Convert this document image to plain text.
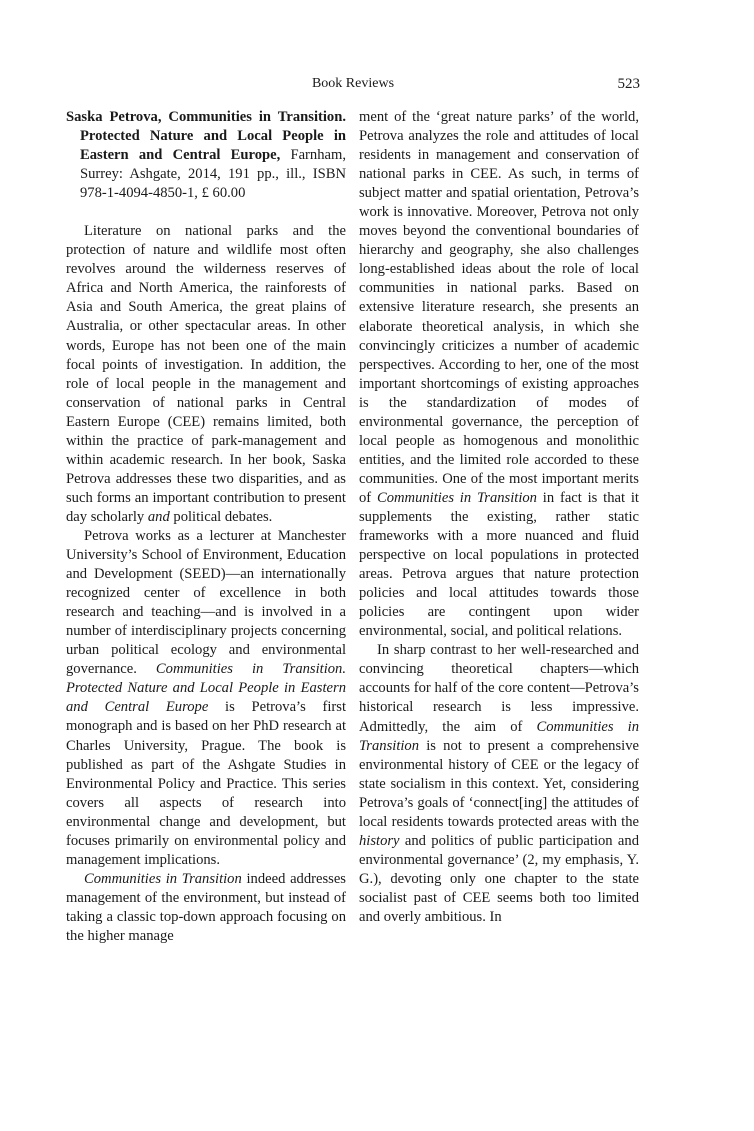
Book Reviews	523

Saska Petrova, Communities in Transition. Protected Nature and Local People in Eastern and Central Europe, Farnham, Surrey: Ashgate, 2014, 191 pp., ill., ISBN 978-1-4094-4850-1, £ 60.00

Literature on national parks and the protection of nature and wildlife most often revolves around the wilderness reserves of Africa and North America, the rainforests of Asia and South America, the great plains of Australia, or other spectacular areas. In other words, Europe has not been one of the main focal points of investigation. In addition, the role of local people in the management and conservation of national parks in Central Eastern Europe (CEE) remains limited, both within the practice of park-management and within academic research. In her book, Saska Petrova addresses these two disparities, and as such forms an important contribution to present day scholarly and political debates.

Petrova works as a lecturer at Manchester University’s School of Environment, Education and Development (SEED)—an internationally recognized center of excellence in both research and teaching—and is involved in a number of interdisciplinary projects concerning urban political ecology and environmental governance. Communities in Transition. Protected Nature and Local People in Eastern and Central Europe is Petrova’s first monograph and is based on her PhD research at Charles University, Prague. The book is published as part of the Ashgate Studies in Environmental Policy and Practice. This series covers all aspects of research into environmental change and development, but focuses primarily on environmental policy and management implications.

Communities in Transition indeed addresses management of the environment, but instead of taking a classic top-down approach focusing on the higher manage

ment of the ‘great nature parks’ of the world, Petrova analyzes the role and attitudes of local residents in management and conservation of national parks in CEE. As such, in terms of subject matter and spatial orientation, Petrova’s work is innovative. Moreover, Petrova not only moves beyond the conventional boundaries of hierarchy and geography, she also challenges long-established ideas about the role of local communities in national parks. Based on extensive literature research, she presents an elaborate theoretical analysis, in which she convincingly criticizes a number of academic perspectives. According to her, one of the most important shortcomings of existing approaches is the standardization of modes of environmental governance, the perception of local people as homogenous and monolithic entities, and the limited role accorded to these communities. One of the most important merits of Communities in Transition in fact is that it supplements the existing, rather static frameworks with a more nuanced and fluid perspective on local populations in protected areas. Petrova argues that nature protection policies and local attitudes towards those policies are contingent upon wider environmental, social, and political relations.

In sharp contrast to her well-researched and convincing theoretical chapters—which accounts for half of the core content—Petrova’s historical research is less impressive. Admittedly, the aim of Communities in Transition is not to present a comprehensive environmental history of CEE or the legacy of state socialism in this context. Yet, considering Petrova’s goals of ‘connect[ing] the attitudes of local residents towards protected areas with the history and politics of public participation and environmental governance’ (2, my emphasis, Y. G.), devoting only one chapter to the state socialist past of CEE seems both too limited and overly ambitious. In
